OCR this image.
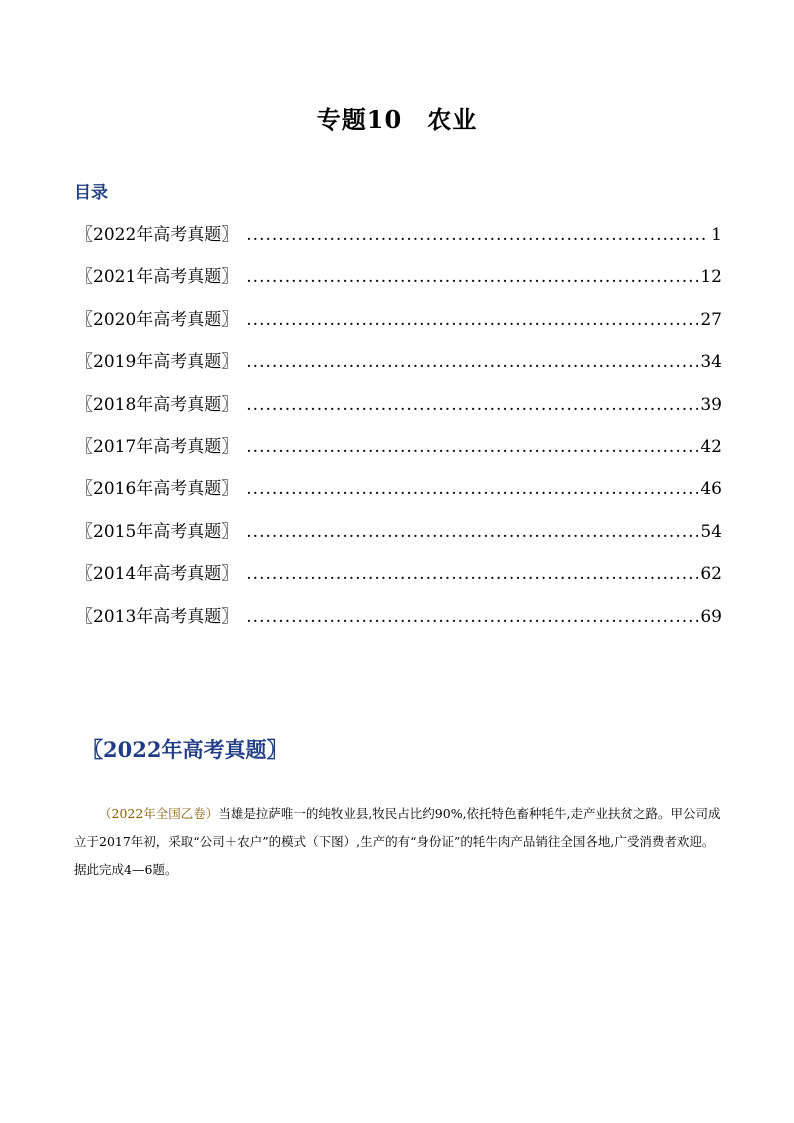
专题10　农业
目录
〖2022年高考真题〗 .....	1
〖2021年高考真题〗 .....	12
〖2020年高考真题〗 .....	27
〖2019年高考真题〗 .....	34
〖2018年高考真题〗 .....	39
〖2017年高考真题〗 .....	42
〖2016年高考真题〗 .....	46
〖2015年高考真题〗 .....	54
〖2014年高考真题〗 .....	62
〖2013年高考真题〗 .....	69
〖2022年高考真题〗
（2022年全国乙卷）当雄是拉萨唯一的纯牧业县,牧民占比约90%,依托特色畜种牦牛,走产业扶贫之路。甲公司成立于2017年初，采取“公司＋农户”的模式（下图）,生产的有“身份证”的牦牛肉产品销往全国各地,广受消费者欢迎。据此完成4—6题。
